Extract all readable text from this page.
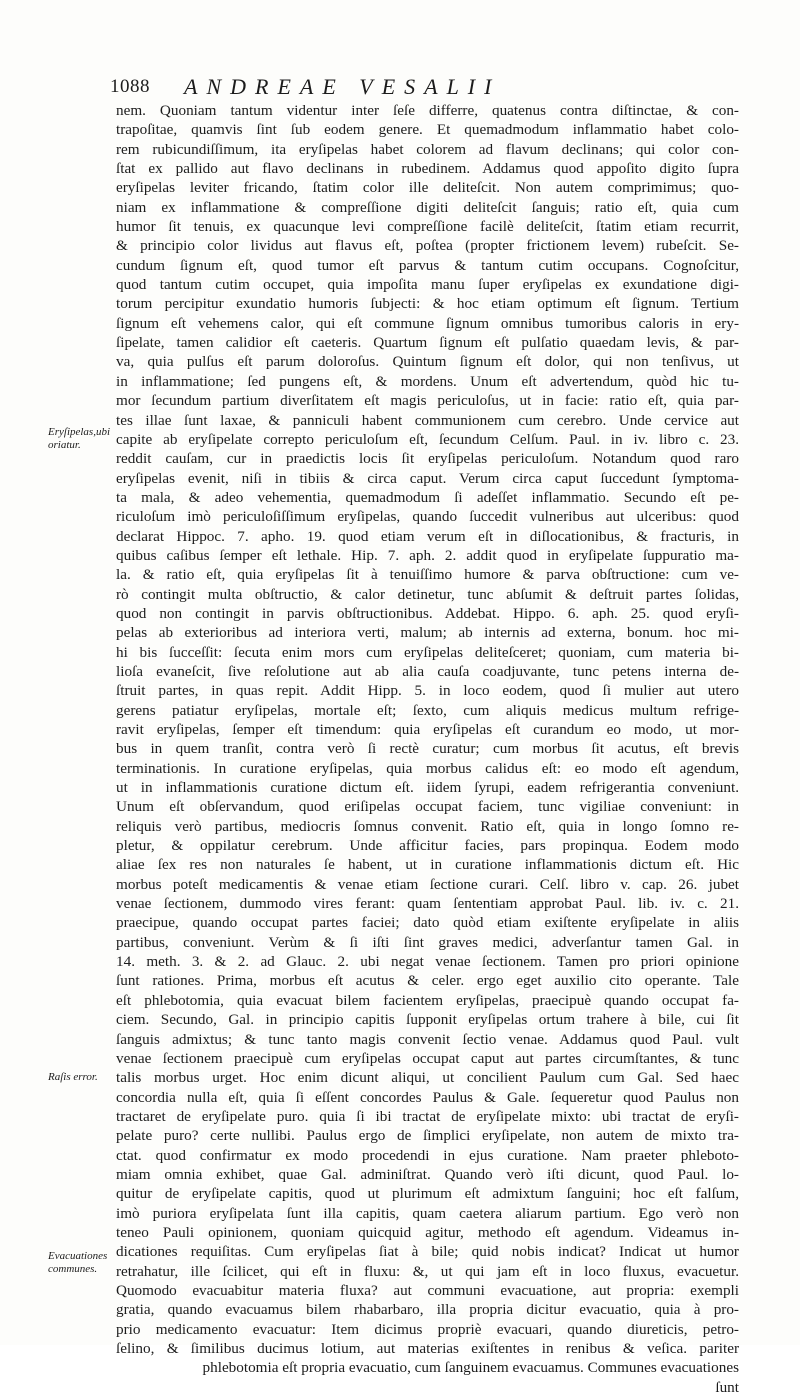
1088 ANDREAE VESALII
Eryſipelas,ubi
oriatur.
Raſis error.
Evacuationes
communes.
nem. Quoniam tantum videntur inter ſeſe differre, quatenus contra diſtinctae, & con-
trapoſitae, quamvis ſint ſub eodem genere. Et quemadmodum inflammatio habet colo-
rem rubicundiſſimum, ita eryſipelas habet colorem ad flavum declinans; qui color con-
ſtat ex pallido aut flavo declinans in rubedinem. Addamus quod appoſito digito ſupra
eryſipelas leviter fricando, ſtatim color ille deliteſcit. Non autem comprimimus; quo-
niam ex inflammatione & compreſſione digiti deliteſcit ſanguis; ratio eſt, quia cum
humor ſit tenuis, ex quacunque levi compreſſione facilè deliteſcit, ſtatim etiam recurrit,
& principio color lividus aut flavus eſt, poſtea (propter frictionem levem) rubeſcit. Se-
cundum ſignum eſt, quod tumor eſt parvus & tantum cutim occupans. Cognoſcitur,
quod tantum cutim occupet, quia impoſita manu ſuper eryſipelas ex exundatione digi-
torum percipitur exundatio humoris ſubjecti: & hoc etiam optimum eſt ſignum. Tertium
ſignum eſt vehemens calor, qui eſt commune ſignum omnibus tumoribus caloris in ery-
ſipelate, tamen calidior eſt caeteris. Quartum ſignum eſt pulſatio quaedam levis, & par-
va, quia pulſus eſt parum doloroſus. Quintum ſignum eſt dolor, qui non tenſivus, ut
in inflammatione; ſed pungens eſt, & mordens. Unum eſt advertendum, quòd hic tu-
mor ſecundum partium diverſitatem eſt magis periculoſus, ut in facie: ratio eſt, quia par-
tes illae ſunt laxae, & panniculi habent communionem cum cerebro. Unde cervice aut
capite ab eryſipelate correpto periculoſum eſt, ſecundum Celſum. Paul. in iv. libro c. 23.
reddit cauſam, cur in praedictis locis ſit eryſipelas periculoſum. Notandum quod raro
eryſipelas evenit, niſi in tibiis & circa caput. Verum circa caput ſuccedunt ſymptoma-
ta mala, & adeo vehementia, quemadmodum ſi adeſſet inflammatio. Secundo eſt pe-
riculoſum imò periculoſiſſimum eryſipelas, quando ſuccedit vulneribus aut ulceribus: quod
declarat Hippoc. 7. apho. 19. quod etiam verum eſt in diſlocationibus, & fracturis, in
quibus caſibus ſemper eſt lethale. Hip. 7. aph. 2. addit quod in eryſipelate ſuppuratio ma-
la. & ratio eſt, quia eryſipelas ſit à tenuiſſimo humore & parva obſtructione: cum ve-
rò contingit multa obſtructio, & calor detinetur, tunc abſumit & deſtruit partes ſolidas,
quod non contingit in parvis obſtructionibus. Addebat. Hippo. 6. aph. 25. quod eryſi-
pelas ab exterioribus ad interiora verti, malum; ab internis ad externa, bonum. hoc mi-
hi bis ſucceſſit: ſecuta enim mors cum eryſipelas deliteſceret; quoniam, cum materia bi-
lioſa evaneſcit, ſive reſolutione aut ab alia cauſa coadjuvante, tunc petens interna de-
ſtruit partes, in quas repit. Addit Hipp. 5. in loco eodem, quod ſi mulier aut utero
gerens patiatur eryſipelas, mortale eſt; ſexto, cum aliquis medicus multum refrige-
ravit eryſipelas, ſemper eſt timendum: quia eryſipelas eſt curandum eo modo, ut mor-
bus in quem tranſit, contra verò ſi rectè curatur; cum morbus ſit acutus, eſt brevis
terminationis. In curatione eryſipelas, quia morbus calidus eſt: eo modo eſt agendum,
ut in inflammationis curatione dictum eſt. iidem ſyrupi, eadem refrigerantia conveniunt.
Unum eſt obſervandum, quod eriſipelas occupat faciem, tunc vigiliae conveniunt: in
reliquis verò partibus, mediocris ſomnus convenit. Ratio eſt, quia in longo ſomno re-
pletur, & oppilatur cerebrum. Unde afficitur facies, pars propinqua. Eodem modo
aliae ſex res non naturales ſe habent, ut in curatione inflammationis dictum eſt. Hic
morbus poteſt medicamentis & venae etiam ſectione curari. Celſ. libro v. cap. 26. jubet
venae ſectionem, dummodo vires ferant: quam ſententiam approbat Paul. lib. iv. c. 21.
praecipue, quando occupat partes faciei; dato quòd etiam exiſtente eryſipelate in aliis
partibus, conveniunt. Verùm & ſi iſti ſint graves medici, adverſantur tamen Gal. in
14. meth. 3. & 2. ad Glauc. 2. ubi negat venae ſectionem. Tamen pro priori opinione
ſunt rationes. Prima, morbus eſt acutus & celer. ergo eget auxilio cito operante. Tale
eſt phlebotomia, quia evacuat bilem facientem eryſipelas, praecipuè quando occupat fa-
ciem. Secundo, Gal. in principio capitis ſupponit eryſipelas ortum trahere à bile, cui ſit
ſanguis admixtus; & tunc tanto magis convenit ſectio venae. Addamus quod Paul. vult
venae ſectionem praecipuè cum eryſipelas occupat caput aut partes circumſtantes, & tunc
talis morbus urget. Hoc enim dicunt aliqui, ut concilient Paulum cum Gal. Sed haec
concordia nulla eſt, quia ſi eſſent concordes Paulus & Gale. ſequeretur quod Paulus non
tractaret de eryſipelate puro. quia ſi ibi tractat de eryſipelate mixto: ubi tractat de eryſi-
pelate puro? certe nullibi. Paulus ergo de ſimplici eryſipelate, non autem de mixto tra-
ctat. quod confirmatur ex modo procedendi in ejus curatione. Nam praeter phleboto-
miam omnia exhibet, quae Gal. adminiſtrat. Quando verò iſti dicunt, quod Paul. lo-
quitur de eryſipelate capitis, quod ut plurimum eſt admixtum ſanguini; hoc eſt falſum,
imò puriora eryſipelata ſunt illa capitis, quam caetera aliarum partium. Ego verò non
teneo Pauli opinionem, quoniam quicquid agitur, methodo eſt agendum. Videamus in-
dicationes requiſitas. Cum eryſipelas ſiat à bile; quid nobis indicat? Indicat ut humor
retrahatur, ille ſcilicet, qui eſt in fluxu: &, ut qui jam eſt in loco fluxus, evacuetur.
Quomodo evacuabitur materia fluxa? aut communi evacuatione, aut propria: exempli
gratia, quando evacuamus bilem rhabarbaro, illa propria dicitur evacuatio, quia à pro-
prio medicamento evacuatur: Item dicimus propriè evacuari, quando diureticis, petro-
ſelino, & ſimilibus ducimus lotium, aut materias exiſtentes in renibus & veſica. pariter
phlebotomia eſt propria evacuatio, cum ſanguinem evacuamus. Communes evacuationes
ſunt
